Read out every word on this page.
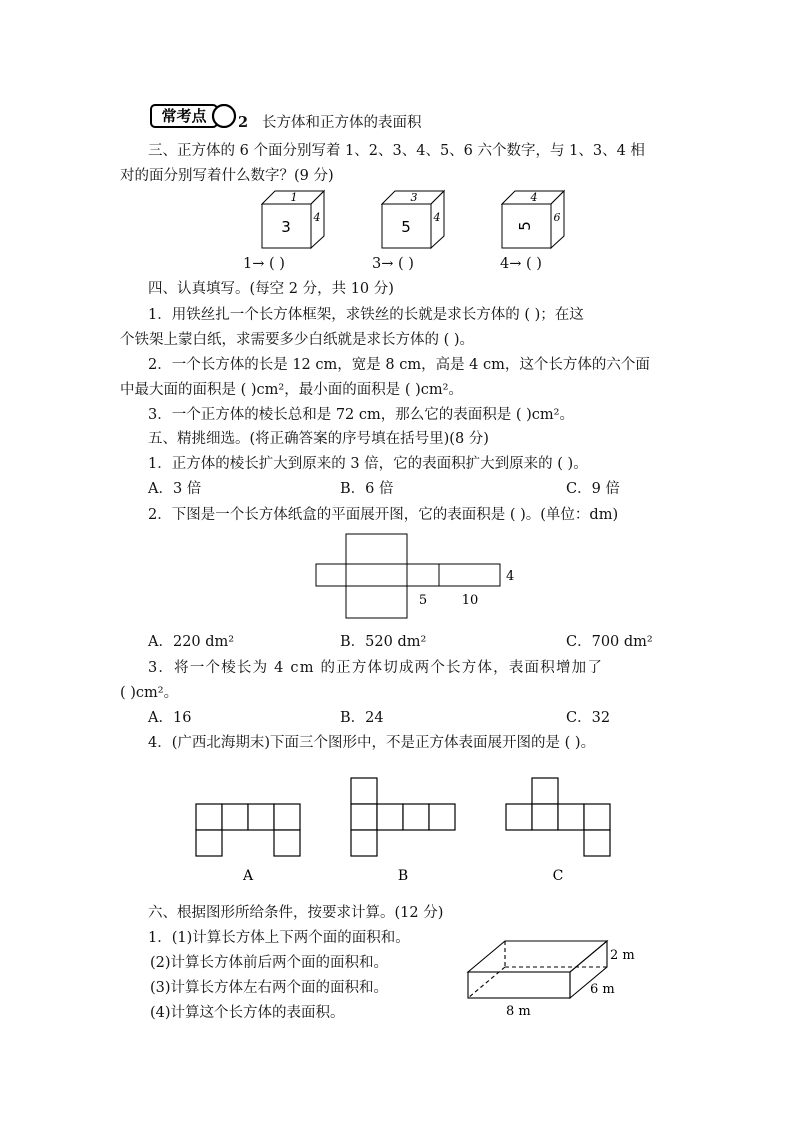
常考点 2 长方体和正方体的表面积
三、正方体的 6 个面分别写着 1、2、3、4、5、6 六个数字，与 1、3、4 相
对的面分别写着什么数字？(9 分)
3
1
4
5
3
4
5
4
6
1→ ( )	3→ ( )	4→ ( )
四、认真填写。(每空 2 分，共 10 分)
1．用铁丝扎一个长方体框架，求铁丝的长就是求长方体的 ( )；在这
个铁架上蒙白纸，求需要多少白纸就是求长方体的 ( )。
2．一个长方体的长是 12 cm，宽是 8 cm，高是 4 cm，这个长方体的六个面
中最大面的面积是 ( )cm²，最小面的面积是 ( )cm²。
3．一个正方体的棱长总和是 72 cm，那么它的表面积是 ( )cm²。
五、精挑细选。(将正确答案的序号填在括号里)(8 分)
1．正方体的棱长扩大到原来的 3 倍，它的表面积扩大到原来的 ( )。
A．3 倍	B．6 倍	C．9 倍
2．下图是一个长方体纸盒的平面展开图，它的表面积是 ( )。(单位：dm)
4
5	10
A．220 dm²	B．520 dm²	C．700 dm²
3．将一个棱长为 4 cm 的正方体切成两个长方体，表面积增加了
( )cm²。
A．16	B．24	C．32
4．(广西北海期末)下面三个图形中，不是正方体表面展开图的是 ( )。
A	B	C
六、根据图形所给条件，按要求计算。(12 分)
1．(1)计算长方体上下两个面的面积和。
(2)计算长方体前后两个面的面积和。
(3)计算长方体左右两个面的面积和。
(4)计算这个长方体的表面积。
2 m
6 m
8 m
